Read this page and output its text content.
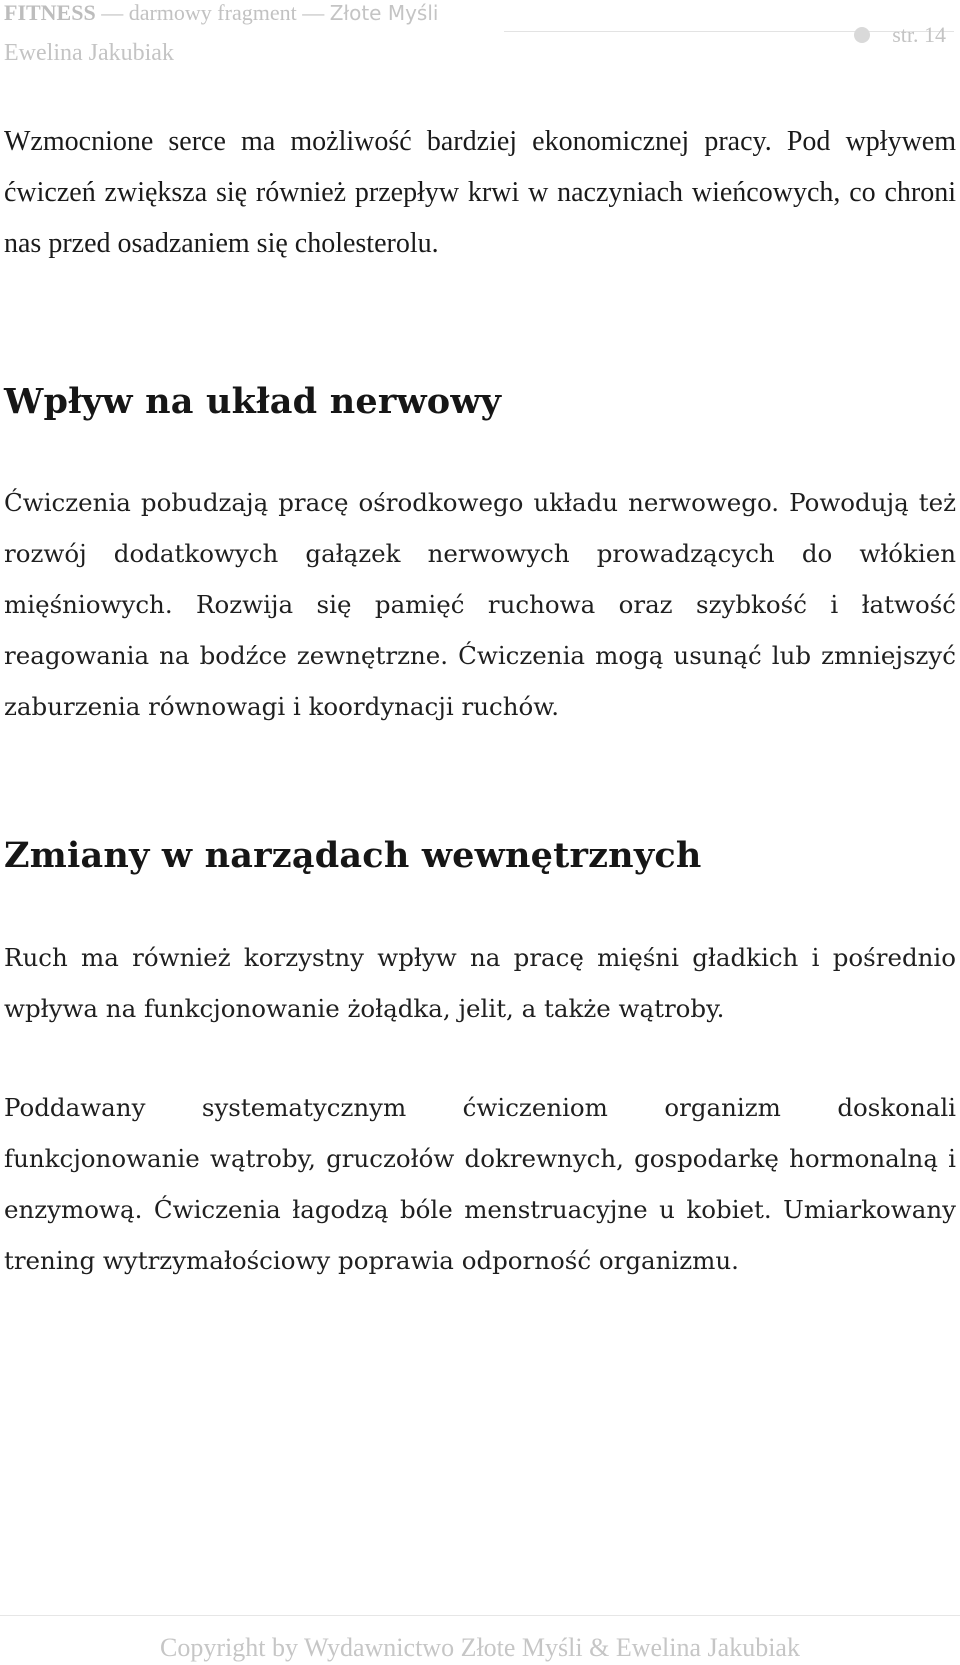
FITNESS — darmowy fragment — Złote Myśli
Ewelina Jakubiak
str. 14

Wzmocnione serce ma możliwość bardziej ekonomicznej pracy. Pod wpływem ćwiczeń zwiększa się również przepływ krwi w naczyniach wieńcowych, co chroni nas przed osadzaniem się cholesterolu.

Wpływ na układ nerwowy

Ćwiczenia pobudzają pracę ośrodkowego układu nerwowego. Powodują też rozwój dodatkowych gałązek nerwowych prowadzących do włókien mięśniowych. Rozwija się pamięć ruchowa oraz szybkość i łatwość reagowania na bodźce zewnętrzne. Ćwiczenia mogą usunąć lub zmniejszyć zaburzenia równowagi i koordynacji ruchów.

Zmiany w narządach wewnętrznych

Ruch ma również korzystny wpływ na pracę mięśni gładkich i pośrednio wpływa na funkcjonowanie żołądka, jelit, a także wątroby.

Poddawany systematycznym ćwiczeniom organizm doskonali funkcjonowanie wątroby, gruczołów dokrewnych, gospodarkę hormonalną i enzymową. Ćwiczenia łagodzą bóle menstruacyjne u kobiet. Umiarkowany trening wytrzymałościowy poprawia odporność organizmu.

Copyright by Wydawnictwo Złote Myśli & Ewelina Jakubiak
